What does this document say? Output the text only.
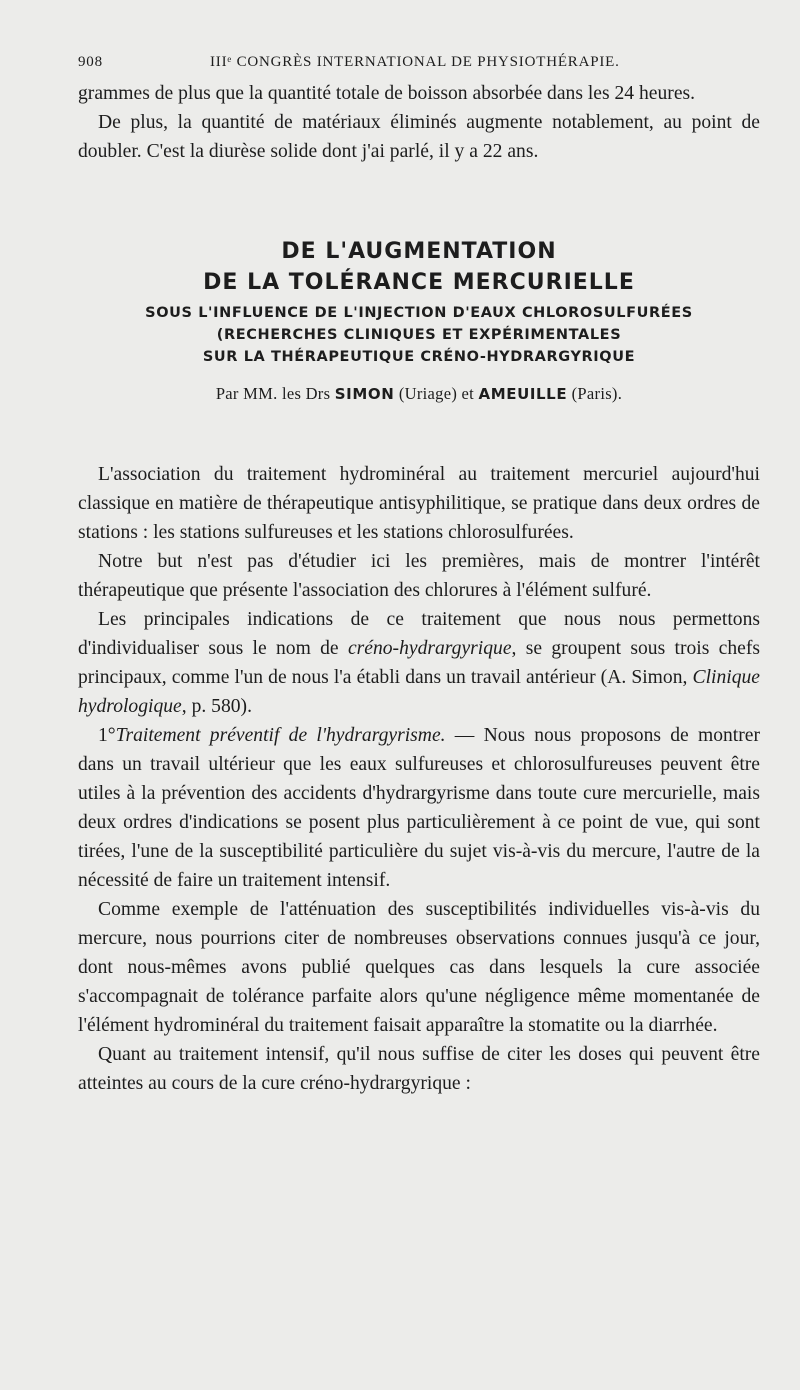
908	IIIᵉ CONGRÈS INTERNATIONAL DE PHYSIOTHÉRAPIE.

grammes de plus que la quantité totale de boisson absorbée dans les 24 heures.

De plus, la quantité de matériaux éliminés augmente notablement, au point de doubler. C'est la diurèse solide dont j'ai parlé, il y a 22 ans.

DE L'AUGMENTATION
DE LA TOLÉRANCE MERCURIELLE
SOUS L'INFLUENCE DE L'INJECTION D'EAUX CHLOROSULFURÉES
(RECHERCHES CLINIQUES ET EXPÉRIMENTALES
SUR LA THÉRAPEUTIQUE CRÉNO-HYDRARGYRIQUE
Par MM. les Drs SIMON (Uriage) et AMEUILLE (Paris).

L'association du traitement hydrominéral au traitement mercuriel aujourd'hui classique en matière de thérapeutique antisyphilitique, se pratique dans deux ordres de stations : les stations sulfureuses et les stations chlorosulfurées.

Notre but n'est pas d'étudier ici les premières, mais de montrer l'intérêt thérapeutique que présente l'association des chlorures à l'élément sulfuré.

Les principales indications de ce traitement que nous nous permettons d'individualiser sous le nom de créno-hydrargyrique, se groupent sous trois chefs principaux, comme l'un de nous l'a établi dans un travail antérieur (A. Simon, Clinique hydrologique, p. 580).

1°Traitement préventif de l'hydrargyrisme. — Nous nous proposons de montrer dans un travail ultérieur que les eaux sulfureuses et chlorosulfureuses peuvent être utiles à la prévention des accidents d'hydrargyrisme dans toute cure mercurielle, mais deux ordres d'indications se posent plus particulièrement à ce point de vue, qui sont tirées, l'une de la susceptibilité particulière du sujet vis-à-vis du mercure, l'autre de la nécessité de faire un traitement intensif.

Comme exemple de l'atténuation des susceptibilités individuelles vis-à-vis du mercure, nous pourrions citer de nombreuses observations connues jusqu'à ce jour, dont nous-mêmes avons publié quelques cas dans lesquels la cure associée s'accompagnait de tolérance parfaite alors qu'une négligence même momentanée de l'élément hydrominéral du traitement faisait apparaître la stomatite ou la diarrhée.

Quant au traitement intensif, qu'il nous suffise de citer les doses qui peuvent être atteintes au cours de la cure créno-hydrargyrique :
